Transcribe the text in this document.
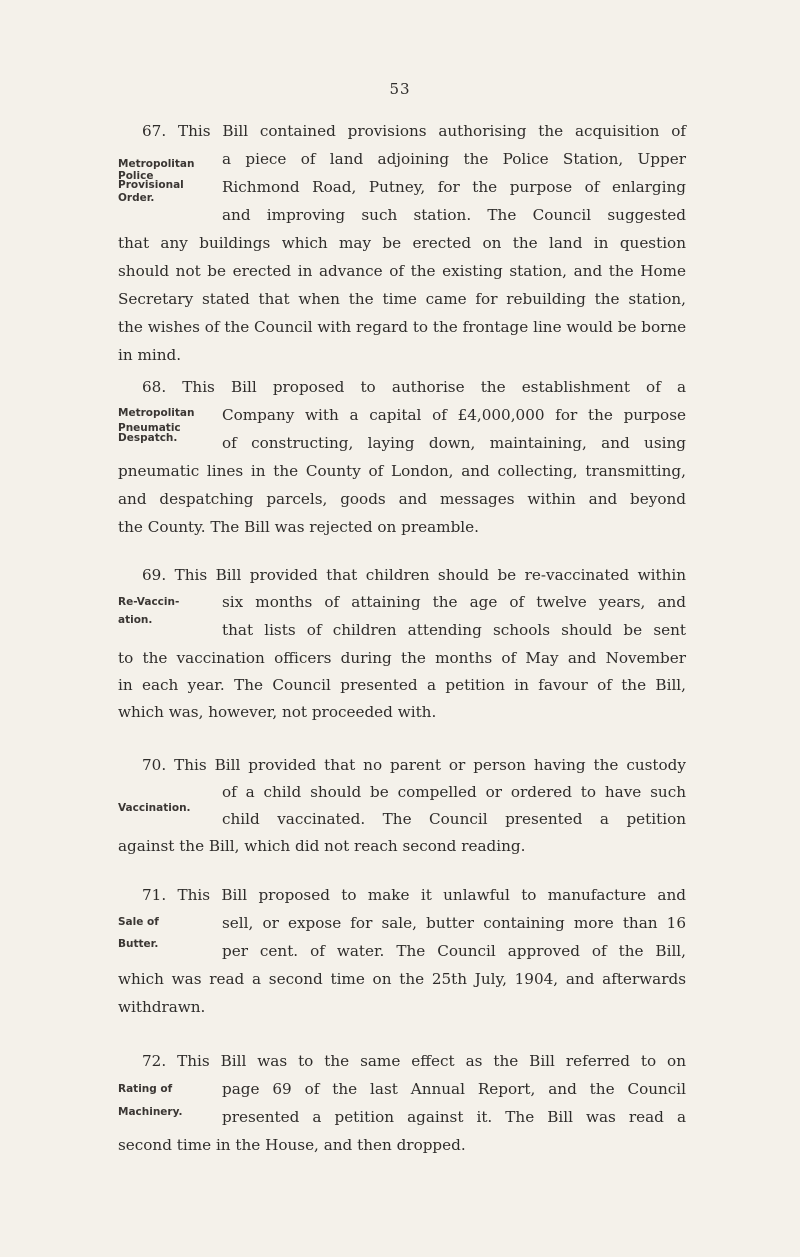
53
Metropolitan
Police
Provisional
Order.
67. This Bill contained provisions authorising the acquisition of
a piece of land adjoining the Police Station, Upper
Richmond Road, Putney, for the purpose of enlarging
and improving such station. The Council suggested
that any buildings which may be erected on the land in question
should not be erected in advance of the existing station, and the Home
Secretary stated that when the time came for rebuilding the station,
the wishes of the Council with regard to the frontage line would be borne
in mind.
Metropolitan
Pneumatic
Despatch.
68. This Bill proposed to authorise the establishment of a
Company with a capital of £4,000,000 for the purpose
of constructing, laying down, maintaining, and using
pneumatic lines in the County of London, and collecting, transmitting,
and despatching parcels, goods and messages within and beyond
the County. The Bill was rejected on preamble.
Re-Vaccin-
ation.
69. This Bill provided that children should be re-vaccinated within
six months of attaining the age of twelve years, and
that lists of children attending schools should be sent
to the vaccination officers during the months of May and November
in each year. The Council presented a petition in favour of the Bill,
which was, however, not proceeded with.
Vaccination.
70. This Bill provided that no parent or person having the custody
of a child should be compelled or ordered to have such
child vaccinated. The Council presented a petition
against the Bill, which did not reach second reading.
Sale of
Butter.
71. This Bill proposed to make it unlawful to manufacture and
sell, or expose for sale, butter containing more than 16
per cent. of water. The Council approved of the Bill,
which was read a second time on the 25th July, 1904, and afterwards
withdrawn.
Rating of
Machinery.
72. This Bill was to the same effect as the Bill referred to on
page 69 of the last Annual Report, and the Council
presented a petition against it. The Bill was read a
second time in the House, and then dropped.
